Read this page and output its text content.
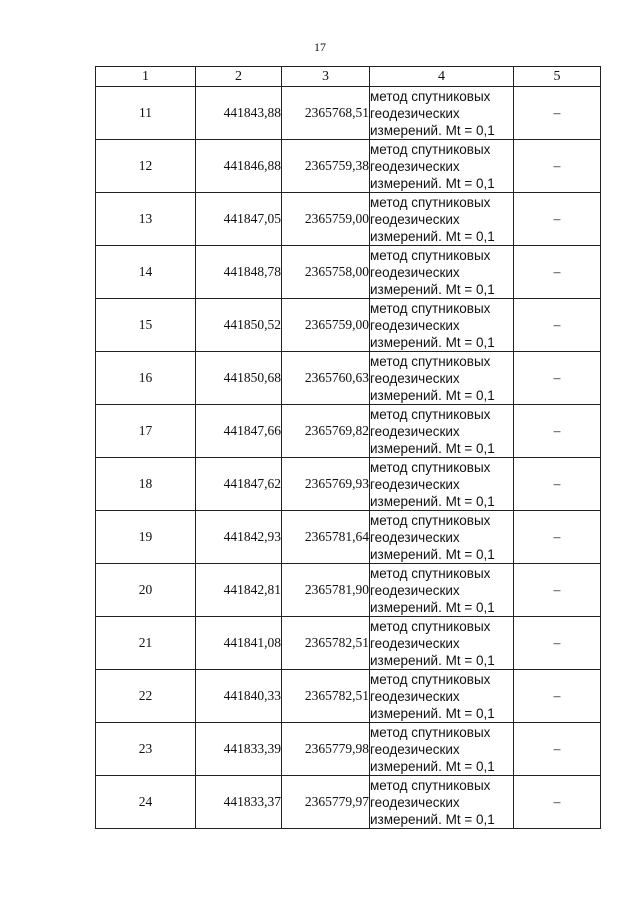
17
1	2	3	4	5
11	441843,88	2365768,51	метод спутниковых
геодезических
измерений. Mt = 0,1	–
12	441846,88	2365759,38	метод спутниковых
геодезических
измерений. Mt = 0,1	–
13	441847,05	2365759,00	метод спутниковых
геодезических
измерений. Mt = 0,1	–
14	441848,78	2365758,00	метод спутниковых
геодезических
измерений. Mt = 0,1	–
15	441850,52	2365759,00	метод спутниковых
геодезических
измерений. Mt = 0,1	–
16	441850,68	2365760,63	метод спутниковых
геодезических
измерений. Mt = 0,1	–
17	441847,66	2365769,82	метод спутниковых
геодезических
измерений. Mt = 0,1	–
18	441847,62	2365769,93	метод спутниковых
геодезических
измерений. Mt = 0,1	–
19	441842,93	2365781,64	метод спутниковых
геодезических
измерений. Mt = 0,1	–
20	441842,81	2365781,90	метод спутниковых
геодезических
измерений. Mt = 0,1	–
21	441841,08	2365782,51	метод спутниковых
геодезических
измерений. Mt = 0,1	–
22	441840,33	2365782,51	метод спутниковых
геодезических
измерений. Mt = 0,1	–
23	441833,39	2365779,98	метод спутниковых
геодезических
измерений. Mt = 0,1	–
24	441833,37	2365779,97	метод спутниковых
геодезических
измерений. Mt = 0,1	–
